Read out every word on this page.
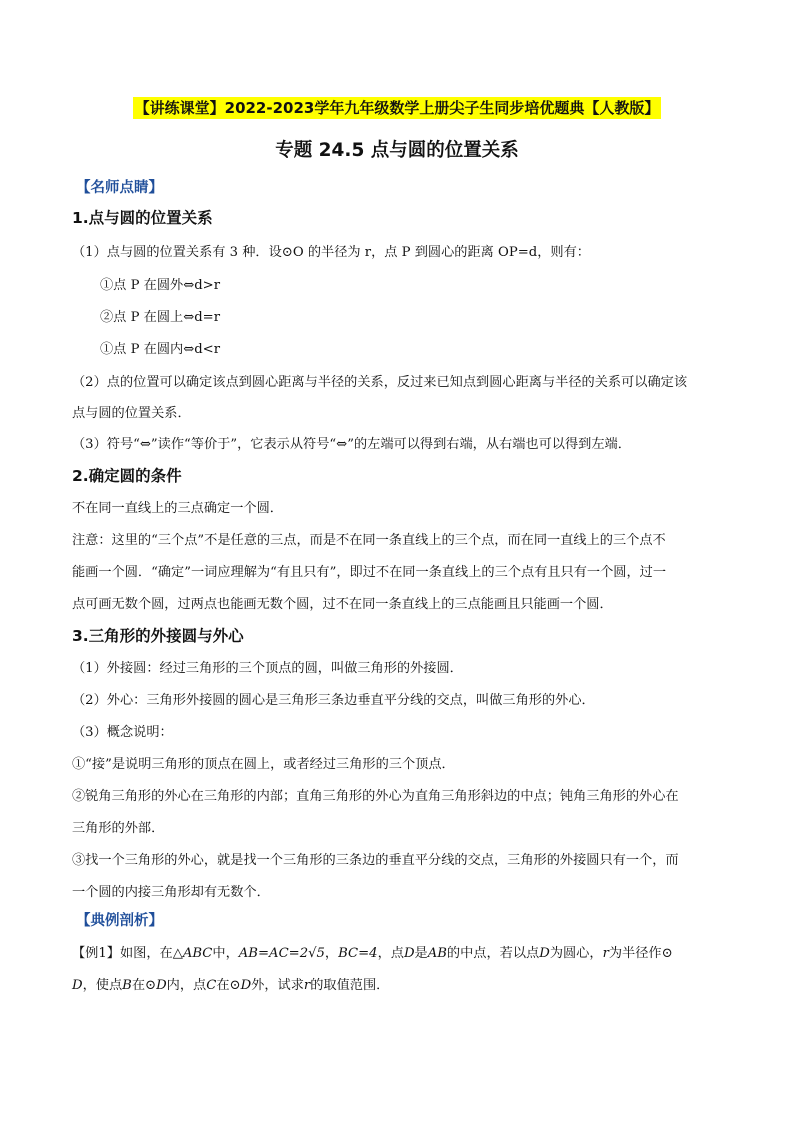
【讲练课堂】2022-2023学年九年级数学上册尖子生同步培优题典【人教版】
专题 24.5 点与圆的位置关系
【名师点睛】
1.点与圆的位置关系
（1）点与圆的位置关系有 3 种．设⊙O 的半径为 r，点 P 到圆心的距离 OP=d，则有：
①点 P 在圆外⇔d>r
②点 P 在圆上⇔d=r
①点 P 在圆内⇔d<r
（2）点的位置可以确定该点到圆心距离与半径的关系，反过来已知点到圆心距离与半径的关系可以确定该
点与圆的位置关系．
（3）符号“⇔”读作“等价于”，它表示从符号“⇔”的左端可以得到右端，从右端也可以得到左端．
2.确定圆的条件
不在同一直线上的三点确定一个圆．
注意：这里的“三个点”不是任意的三点，而是不在同一条直线上的三个点，而在同一直线上的三个点不
能画一个圆．“确定”一词应理解为“有且只有”，即过不在同一条直线上的三个点有且只有一个圆，过一
点可画无数个圆，过两点也能画无数个圆，过不在同一条直线上的三点能画且只能画一个圆．
3.三角形的外接圆与外心
（1）外接圆：经过三角形的三个顶点的圆，叫做三角形的外接圆．
（2）外心：三角形外接圆的圆心是三角形三条边垂直平分线的交点，叫做三角形的外心．
（3）概念说明：
①“接”是说明三角形的顶点在圆上，或者经过三角形的三个顶点．
②锐角三角形的外心在三角形的内部；直角三角形的外心为直角三角形斜边的中点；钝角三角形的外心在
三角形的外部．
③找一个三角形的外心，就是找一个三角形的三条边的垂直平分线的交点，三角形的外接圆只有一个，而
一个圆的内接三角形却有无数个．
【典例剖析】
【例1】如图，在△ABC中，AB=AC=2√5，BC=4，点D是AB的中点，若以点D为圆心，r为半径作⊙
D，使点B在⊙D内，点C在⊙D外，试求r的取值范围．
